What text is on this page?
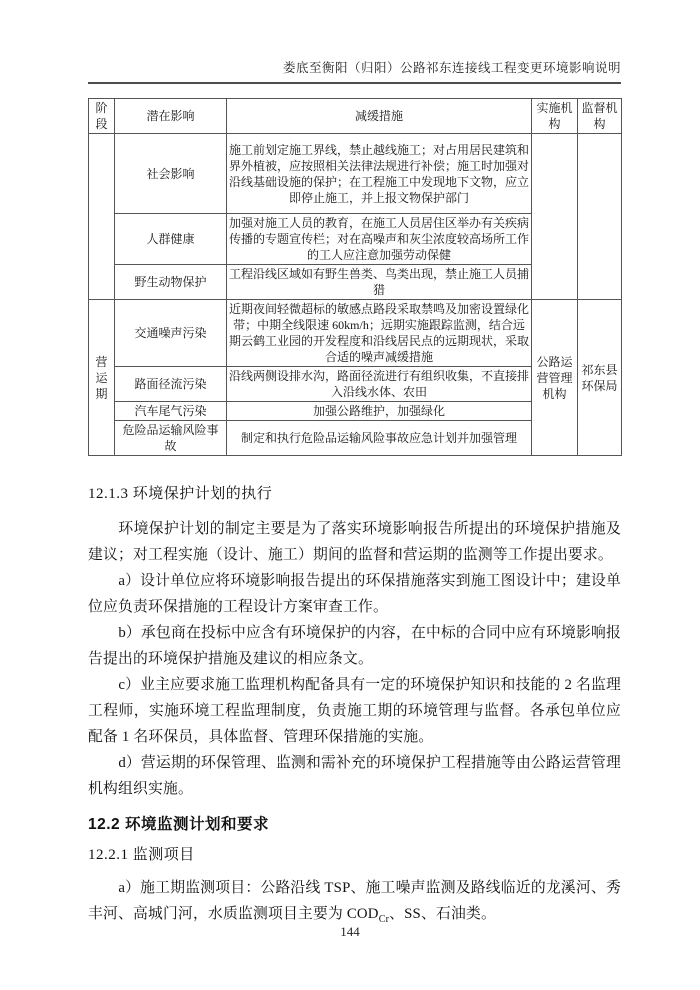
娄底至衡阳（归阳）公路祁东连接线工程变更环境影响说明
阶段	潜在影响	减缓措施	实施机构	监督机构
	社会影响	施工前划定施工界线，禁止越线施工；对占用居民建筑和界外植被，应按照相关法律法规进行补偿；施工时加强对沿线基础设施的保护；在工程施工中发现地下文物，应立即停止施工，并上报文物保护部门		
	人群健康	加强对施工人员的教育，在施工人员居住区举办有关疾病传播的专题宣传栏；对在高噪声和灰尘浓度较高场所工作的工人应注意加强劳动保健		
	野生动物保护	工程沿线区域如有野生兽类、鸟类出现，禁止施工人员捕猎		
营运期	交通噪声污染	近期夜间轻微超标的敏感点路段采取禁鸣及加密设置绿化带；中期全线限速 60km/h；远期实施跟踪监测，结合远期云鹤工业园的开发程度和沿线居民点的远期现状，采取合适的噪声减缓措施	公路运营管理机构	祁东县环保局
	路面径流污染	沿线两侧设排水沟，路面径流进行有组织收集，不直接排入沿线水体、农田		
	汽车尾气污染	加强公路维护，加强绿化		
	危险品运输风险事故	制定和执行危险品运输风险事故应急计划并加强管理		
12.1.3 环境保护计划的执行

环境保护计划的制定主要是为了落实环境影响报告所提出的环境保护措施及建议；对工程实施（设计、施工）期间的监督和营运期的监测等工作提出要求。

a）设计单位应将环境影响报告提出的环保措施落实到施工图设计中；建设单位应负责环保措施的工程设计方案审查工作。

b）承包商在投标中应含有环境保护的内容，在中标的合同中应有环境影响报告提出的环境保护措施及建议的相应条文。

c）业主应要求施工监理机构配备具有一定的环境保护知识和技能的 2 名监理工程师，实施环境工程监理制度，负责施工期的环境管理与监督。各承包单位应配备 1 名环保员，具体监督、管理环保措施的实施。

d）营运期的环保管理、监测和需补充的环境保护工程措施等由公路运营管理机构组织实施。

12.2 环境监测计划和要求
12.2.1 监测项目

a）施工期监测项目：公路沿线 TSP、施工噪声监测及路线临近的龙溪河、秀丰河、高城门河，水质监测项目主要为 $COD_{Cr}$、SS、石油类。

144
